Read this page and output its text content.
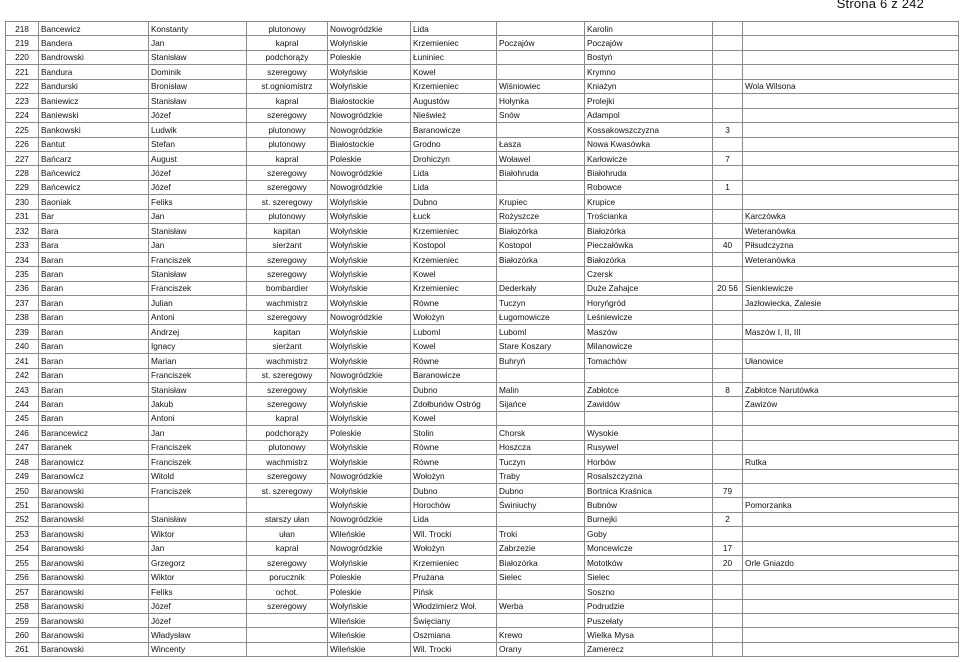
Strona 6 z 242
218	Bancewicz	Konstanty	plutonowy	Nowogródzkie	Lida		Karolin		
219	Bandera	Jan	kapral	Wołyńskie	Krzemieniec	Poczajów	Poczajów		
220	Bandrowski	Stanisław	podchorąży	Poleskie	Łuniniec		Bostyń		
221	Bandura	Dominik	szeregowy	Wołyńskie	Kowel		Krymno		
222	Bandurski	Bronisław	st.ogniomistrz	Wołyńskie	Krzemieniec	Wiśniowiec	Kniażyn		Wola Wilsona
223	Baniewicz	Stanisław	kapral	Białostockie	Augustów	Hołynka	Prolejki		
224	Baniewski	Józef	szeregowy	Nowogródzkie	Nieśwież	Snów	Adampol		
225	Bankowski	Ludwik	plutonowy	Nowogródzkie	Baranowicze		Kossakowszczyzna	3	
226	Bantut	Stefan	plutonowy	Białostockie	Grodno	Łasza	Nowa Kwasówka		
227	Bańcarz	August	kapral	Poleskie	Drohiczyn	Woławel	Karłowicze	7	
228	Bańcewicz	Józef	szeregowy	Nowogródzkie	Lida	Białohruda	Białohruda		
229	Bańcewicz	Józef	szeregowy	Nowogródzkie	Lida		Robowce	1	
230	Baoniak	Feliks	st. szeregowy	Wołyńskie	Dubno	Krupiec	Krupice		
231	Bar	Jan	plutonowy	Wołyńskie	Łuck	Rożyszcze	Trościanka		Karczówka
232	Bara	Stanisław	kapitan	Wołyńskie	Krzemieniec	Białozórka	Białozórka		Weteranówka
233	Bara	Jan	sierżant	Wołyńskie	Kostopol	Kostopol	Pieczałówka	40	Piłsudczyzna
234	Baran	Franciszek	szeregowy	Wołyńskie	Krzemieniec	Białozórka	Białozórka		Weteranówka
235	Baran	Stanisław	szeregowy	Wołyńskie	Kowel		Czersk		
236	Baran	Franciszek	bombardier	Wołyńskie	Krzemieniec	Dederkały	Duże Zahajce	20 56	Sienkiewicze
237	Baran	Julian	wachmistrz	Wołyńskie	Równe	Tuczyn	Horyńgród		Jazłowiecka, Zalesie
238	Baran	Antoni	szeregowy	Nowogródzkie	Wołożyn	Ługomowicze	Leśniewicze		
239	Baran	Andrzej	kapitan	Wołyńskie	Luboml	Luboml	Maszów		Maszów I, II, III
240	Baran	Ignacy	sierżant	Wołyńskie	Kowel	Stare Koszary	Milanowicze		
241	Baran	Marian	wachmistrz	Wołyńskie	Równe	Buhryń	Tomachów		Ułanowice
242	Baran	Franciszek	st. szeregowy	Nowogródzkie	Baranowicze				
243	Baran	Stanisław	szeregowy	Wołyńskie	Dubno	Malin	Zabłotce	8	Zabłotce Narutówka
244	Baran	Jakub	szeregowy	Wołyńskie	Zdołbunów Ostróg	Sijańce	Zawidów		Zawizów
245	Baran	Antoni	kapral	Wołyńskie	Kowel				
246	Barancewicz	Jan	podchorąży	Poleskie	Stolin	Chorsk	Wysokie		
247	Baranek	Franciszek	plutonowy	Wołyńskie	Równe	Hoszcza	Rusywel		
248	Baranowicz	Franciszek	wachmistrz	Wołyńskie	Równe	Tuczyn	Horbów		Rutka
249	Baranowicz	Witold	szeregowy	Nowogródzkie	Wołożyn	Traby	Rosalszczyzna		
250	Baranowski	Franciszek	st. szeregowy	Wołyńskie	Dubno	Dubno	Bortnica Kraśnica	79	
251	Baranowski			Wołyńskie	Horochów	Świniuchy	Bubnów		Pomorzanka
252	Baranowski	Stanisław	starszy ułan	Nowogródzkie	Lida		Burnejki	2	
253	Baranowski	Wiktor	ułan	Wileńskie	Wil. Trocki	Troki	Goby		
254	Baranowski	Jan	kapral	Nowogródzkie	Wołożyn	Zabrzezie	Moncewicze	17	
255	Baranowski	Grzegorz	szeregowy	Wołyńskie	Krzemieniec	Białozórka	Mototków	20	Orle Gniazdo
256	Baranowski	Wiktor	porucznik	Poleskie	Prużana	Sielec	Sielec		
257	Baranowski	Feliks	ochot.	Poleskie	Pińsk		Soszno		
258	Baranowski	Józef	szeregowy	Wołyńskie	Włodzimierz Woł.	Werba	Podrudzie		
259	Baranowski	Józef		Wileńskie	Święciany		Puszełaty		
260	Baranowski	Władysław		Wileńskie	Oszmiana	Krewo	Wielka Mysa		
261	Baranowski	Wincenty		Wileńskie	Wil. Trocki	Orany	Zamerecz		
